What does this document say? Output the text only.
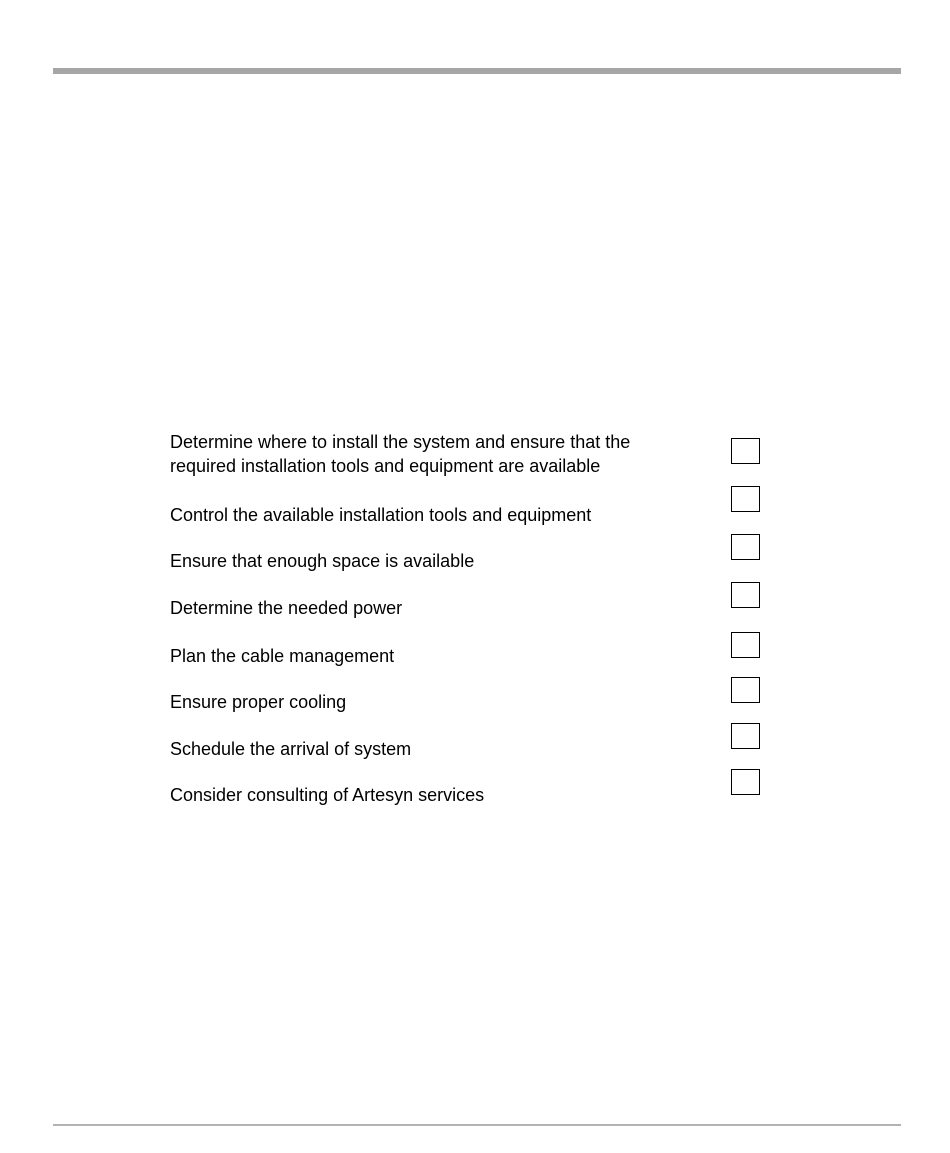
Determine where to install the system and ensure that the
required installation tools and equipment are available
Control the available installation tools and equipment
Ensure that enough space is available
Determine the needed power
Plan the cable management
Ensure proper cooling
Schedule the arrival of system
Consider consulting of Artesyn services
